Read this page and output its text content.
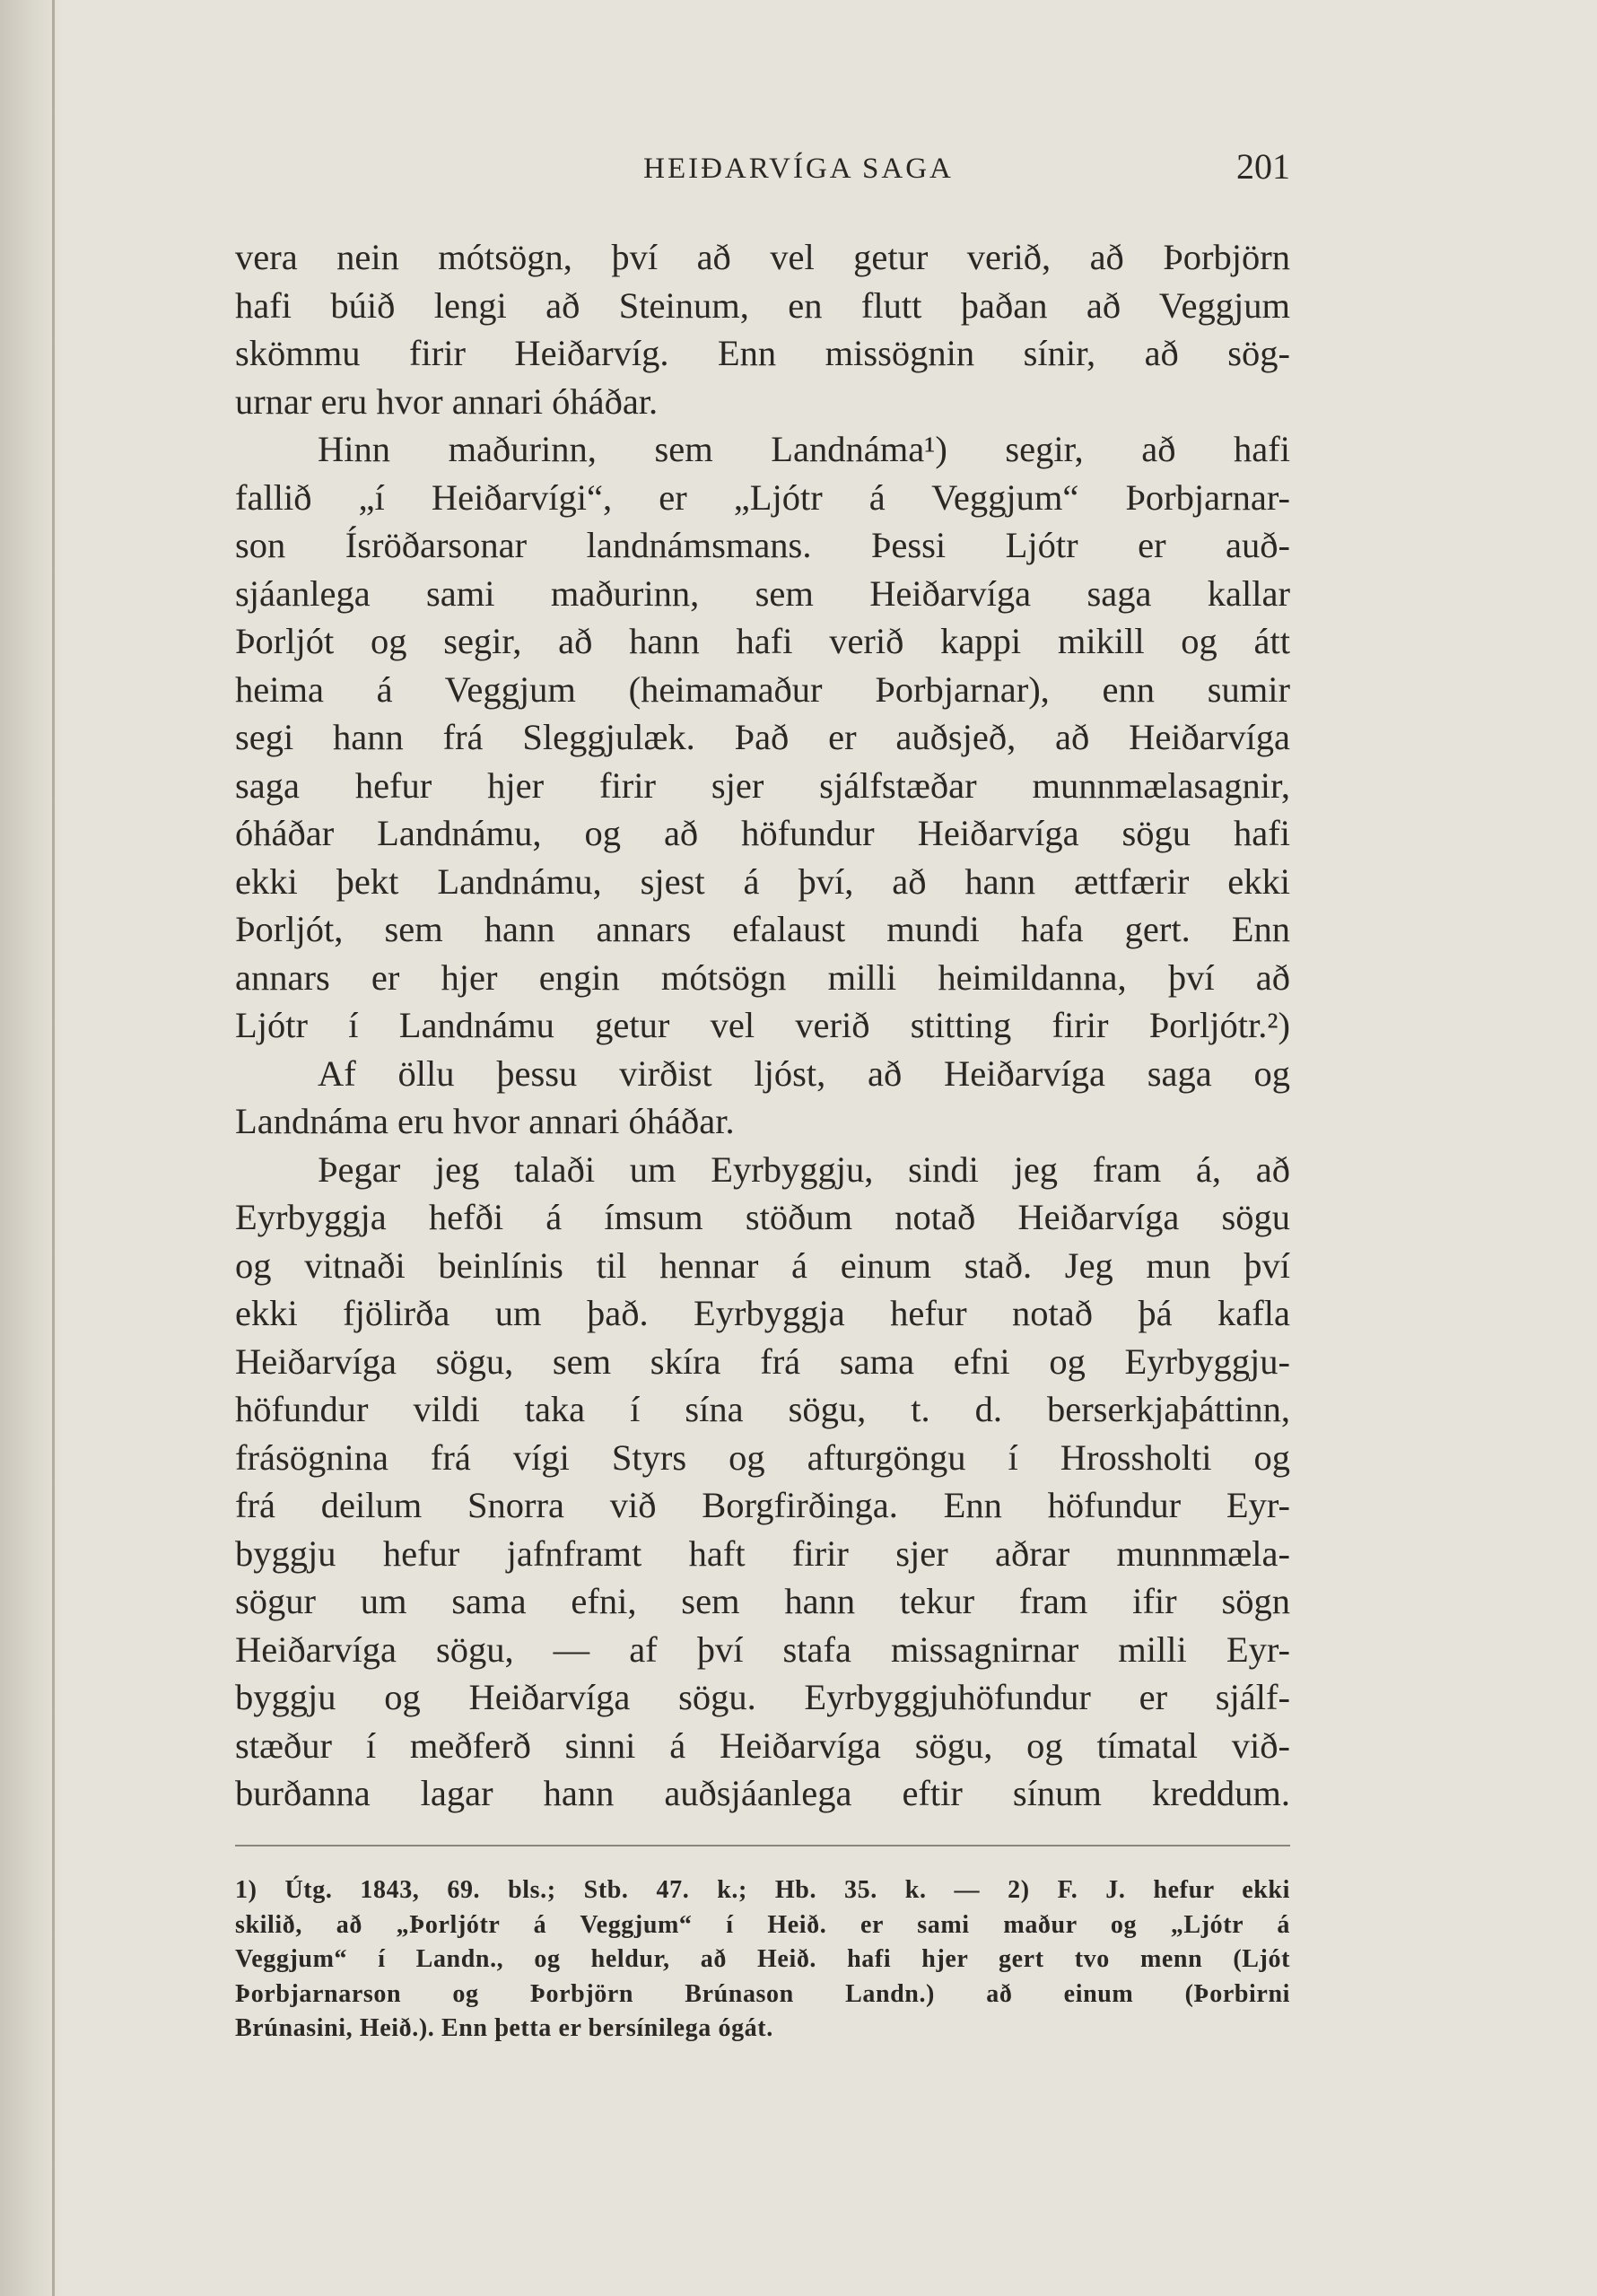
HEIÐARVÍGA SAGA	201
vera nein mótsögn, því að vel getur verið, að Þorbjörn
hafi búið lengi að Steinum, en flutt þaðan að Veggjum
skömmu firir Heiðarvíg. Enn missögnin sínir, að sög-
urnar eru hvor annari óháðar.
Hinn maðurinn, sem Landnáma¹) segir, að hafi
fallið „í Heiðarvígi“, er „Ljótr á Veggjum“ Þorbjarnar-
son Ísröðarsonar landnámsmans. Þessi Ljótr er auð-
sjáanlega sami maðurinn, sem Heiðarvíga saga kallar
Þorljót og segir, að hann hafi verið kappi mikill og átt
heima á Veggjum (heimamaður Þorbjarnar), enn sumir
segi hann frá Sleggjulæk. Það er auðsjeð, að Heiðarvíga
saga hefur hjer firir sjer sjálfstæðar munnmælasagnir,
óháðar Landnámu, og að höfundur Heiðarvíga sögu hafi
ekki þekt Landnámu, sjest á því, að hann ættfærir ekki
Þorljót, sem hann annars efalaust mundi hafa gert. Enn
annars er hjer engin mótsögn milli heimildanna, því að
Ljótr í Landnámu getur vel verið stitting firir Þorljótr.²)
Af öllu þessu virðist ljóst, að Heiðarvíga saga og
Landnáma eru hvor annari óháðar.
Þegar jeg talaði um Eyrbyggju, sindi jeg fram á, að
Eyrbyggja hefði á ímsum stöðum notað Heiðarvíga sögu
og vitnaði beinlínis til hennar á einum stað. Jeg mun því
ekki fjölirða um það. Eyrbyggja hefur notað þá kafla
Heiðarvíga sögu, sem skíra frá sama efni og Eyrbyggju-
höfundur vildi taka í sína sögu, t. d. berserkjaþáttinn,
frásögnina frá vígi Styrs og afturgöngu í Hrossholti og
frá deilum Snorra við Borgfirðinga. Enn höfundur Eyr-
byggju hefur jafnframt haft firir sjer aðrar munnmæla-
sögur um sama efni, sem hann tekur fram ifir sögn
Heiðarvíga sögu, — af því stafa missagnirnar milli Eyr-
byggju og Heiðarvíga sögu. Eyrbyggjuhöfundur er sjálf-
stæður í meðferð sinni á Heiðarvíga sögu, og tímatal við-
burðanna lagar hann auðsjáanlega eftir sínum kreddum.
1) Útg. 1843, 69. bls.; Stb. 47. k.; Hb. 35. k. — 2) F. J. hefur ekki
skilið, að „Þorljótr á Veggjum“ í Heið. er sami maður og „Ljótr á
Veggjum“ í Landn., og heldur, að Heið. hafi hjer gert tvo menn (Ljót
Þorbjarnarson og Þorbjörn Brúnason Landn.) að einum (Þorbirni
Brúnasini, Heið.). Enn þetta er bersínilega ógát.
